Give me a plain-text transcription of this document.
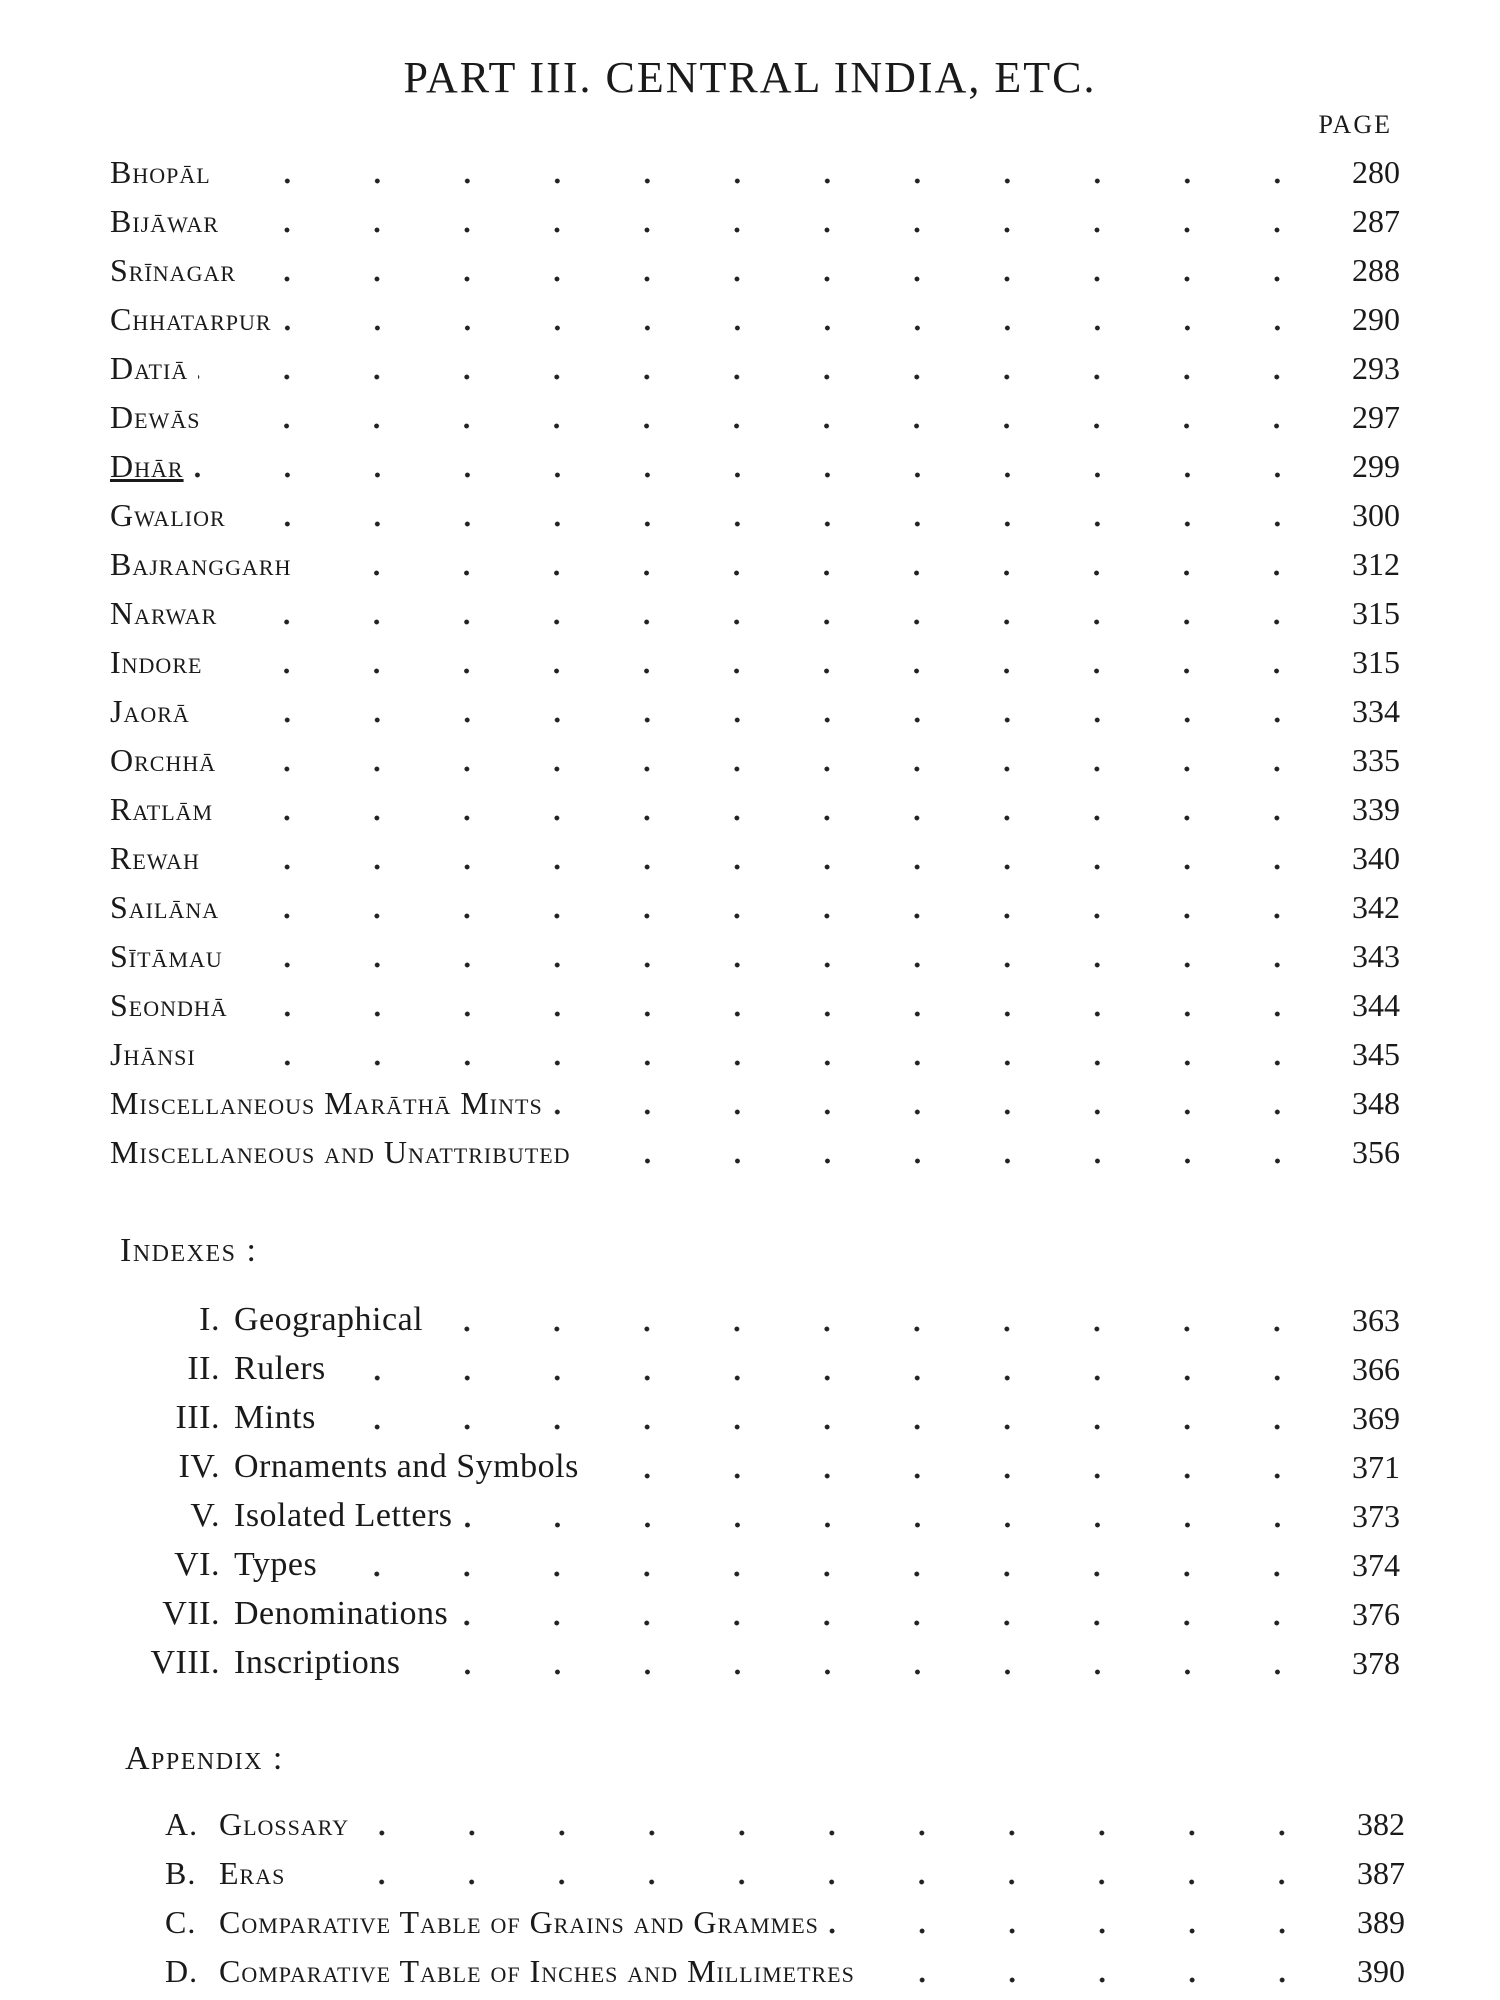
PART III. CENTRAL INDIA, ETC.
PAGE
Bhopāl	280
Bijāwar	287
Srīnagar	288
Chhatarpur	290
Datiā	293
Dewās	297
Dhār	299
Gwalior	300
Bajranggarh	312
Narwar	315
Indore	315
Jaorā	334
Orchhā	335
Ratlām	339
Rewah	340
Sailāna	342
Sītāmau	343
Seondhā	344
Jhānsi	345
Miscellaneous Marāthā Mints	348
Miscellaneous and Unattributed	356
Indexes :
I. Geographical	363
II. Rulers	366
III. Mints	369
IV. Ornaments and Symbols	371
V. Isolated Letters	373
VI. Types	374
VII. Denominations	376
VIII. Inscriptions	378
Appendix :
A. Glossary	382
B. Eras	387
C. Comparative Table of Grains and Grammes	389
D. Comparative Table of Inches and Millimetres	390
